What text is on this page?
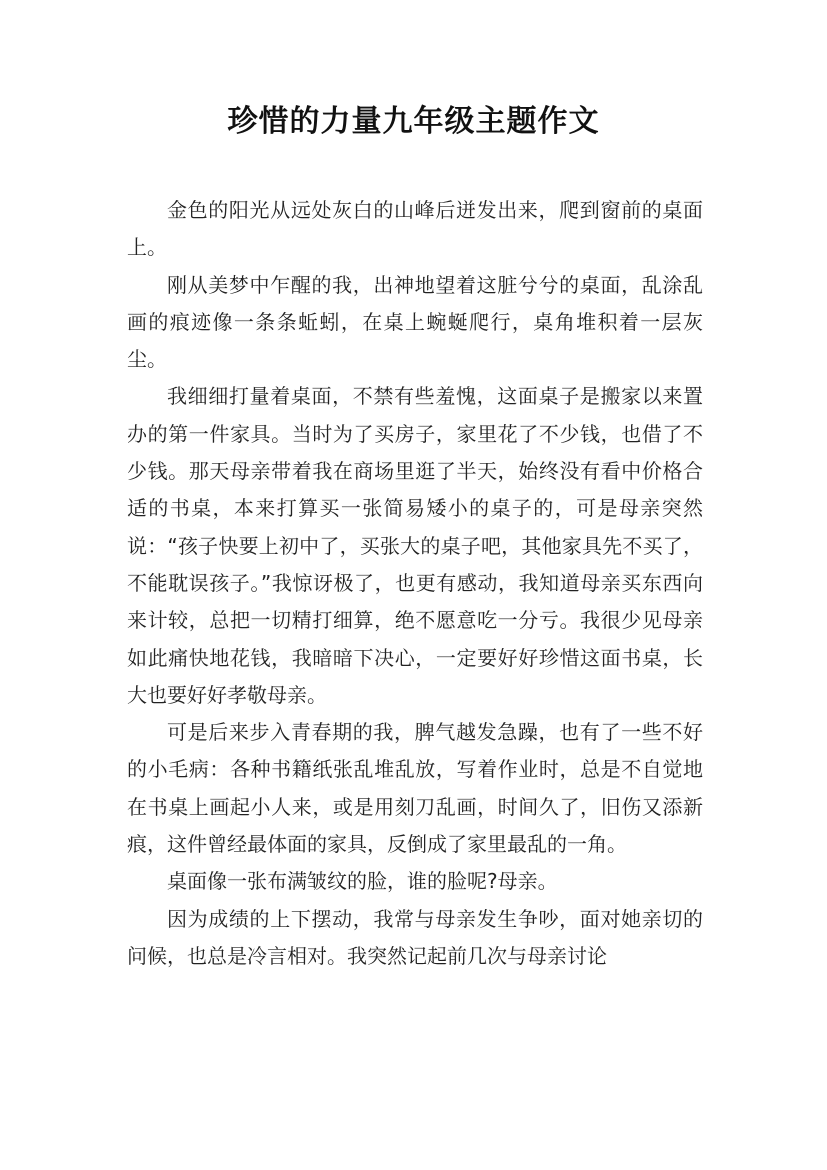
珍惜的力量九年级主题作文

金色的阳光从远处灰白的山峰后迸发出来，爬到窗前的桌面上。

刚从美梦中乍醒的我，出神地望着这脏兮兮的桌面，乱涂乱画的痕迹像一条条蚯蚓，在桌上蜿蜒爬行，桌角堆积着一层灰尘。

我细细打量着桌面，不禁有些羞愧，这面桌子是搬家以来置办的第一件家具。当时为了买房子，家里花了不少钱，也借了不少钱。那天母亲带着我在商场里逛了半天，始终没有看中价格合适的书桌，本来打算买一张简易矮小的桌子的，可是母亲突然说：“孩子快要上初中了，买张大的桌子吧，其他家具先不买了，不能耽误孩子。”我惊讶极了，也更有感动，我知道母亲买东西向来计较，总把一切精打细算，绝不愿意吃一分亏。我很少见母亲如此痛快地花钱，我暗暗下决心，一定要好好珍惜这面书桌，长大也要好好孝敬母亲。

可是后来步入青春期的我，脾气越发急躁，也有了一些不好的小毛病：各种书籍纸张乱堆乱放，写着作业时，总是不自觉地在书桌上画起小人来，或是用刻刀乱画，时间久了，旧伤又添新痕，这件曾经最体面的家具，反倒成了家里最乱的一角。

桌面像一张布满皱纹的脸，谁的脸呢?母亲。

因为成绩的上下摆动，我常与母亲发生争吵，面对她亲切的问候，也总是冷言相对。我突然记起前几次与母亲讨论
